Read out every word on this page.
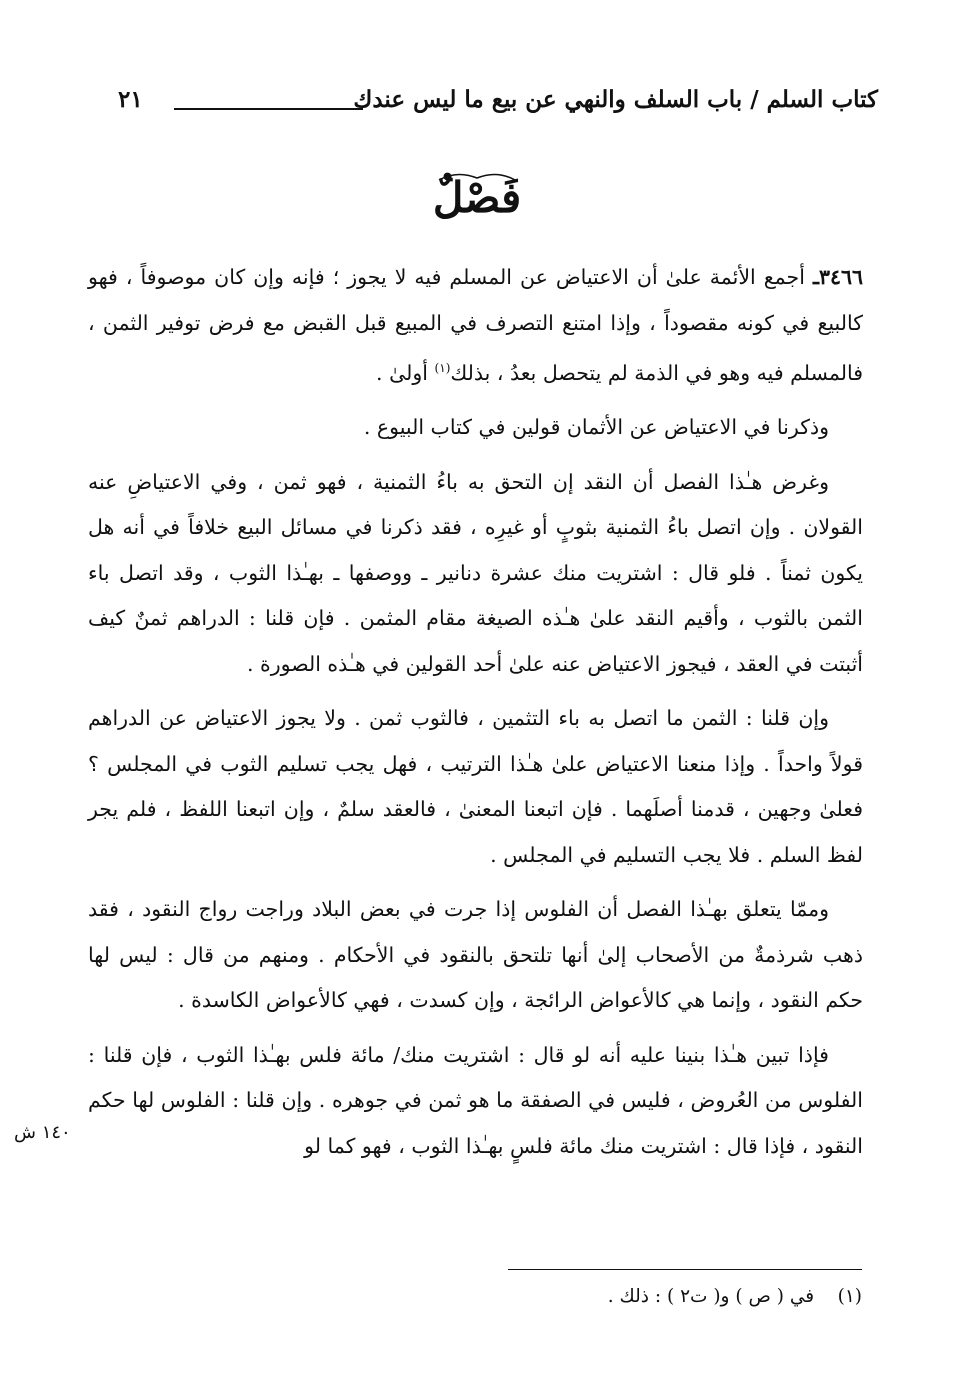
كتاب السلم / باب السلف والنهي عن بيع ما ليس عندك
٢١
فَصْلٌ

٣٤٦٦ـ أجمع الأئمة علىٰ أن الاعتياض عن المسلم فيه لا يجوز ؛ فإنه وإن كان موصوفاً ، فهو كالبيع في كونه مقصوداً ، وإذا امتنع التصرف في المبيع قبل القبض مع فرض توفير الثمن ، فالمسلم فيه وهو في الذمة لم يتحصل بعدُ ، بذلك$^{(١)}$ أولىٰ .

وذكرنا في الاعتياض عن الأثمان قولين في كتاب البيوع .

وغرض هـٰذا الفصل أن النقد إن التحق به باءُ الثمنية ، فهو ثمن ، وفي الاعتياضِ عنه القولان . وإن اتصل باءُ الثمنية بثوبٍ أو غيرِه ، فقد ذكرنا في مسائل البيع خلافاً في أنه هل يكون ثمناً . فلو قال : اشتريت منك عشرة دنانير ـ ووصفها ـ بهـٰذا الثوب ، وقد اتصل باء الثمن بالثوب ، وأقيم النقد علىٰ هـٰذه الصيغة مقام المثمن . فإن قلنا : الدراهم ثمنٌ كيف أثبتت في العقد ، فيجوز الاعتياض عنه علىٰ أحد القولين في هـٰذه الصورة .

وإن قلنا : الثمن ما اتصل به باء التثمين ، فالثوب ثمن . ولا يجوز الاعتياض عن الدراهم قولاً واحداً . وإذا منعنا الاعتياض علىٰ هـٰذا الترتيب ، فهل يجب تسليم الثوب في المجلس ؟ فعلىٰ وجهين ، قدمنا أصلَهما . فإن اتبعنا المعنىٰ ، فالعقد سلمٌ ، وإن اتبعنا اللفظ ، فلم يجر لفظ السلم . فلا يجب التسليم في المجلس .

وممّا يتعلق بهـٰذا الفصل أن الفلوس إذا جرت في بعض البلاد وراجت رواج النقود ، فقد ذهب شرذمةٌ من الأصحاب إلىٰ أنها تلتحق بالنقود في الأحكام . ومنهم من قال : ليس لها حكم النقود ، وإنما هي كالأعواض الرائجة ، وإن كسدت ، فهي كالأعواض الكاسدة .

فإذا تبين هـٰذا بنينا عليه أنه لو قال : اشتريت منك/ مائة فلس بهـٰذا الثوب ، فإن قلنا : الفلوس من العُروض ، فليس في الصفقة ما هو ثمن في جوهره . وإن قلنا : الفلوس لها حكم النقود ، فإذا قال : اشتريت منك مائة فلسٍ بهـٰذا الثوب ، فهو كما لو

١٤٠ ش
(١)    في ( ص ) و( ت٢ ) : ذلك .
